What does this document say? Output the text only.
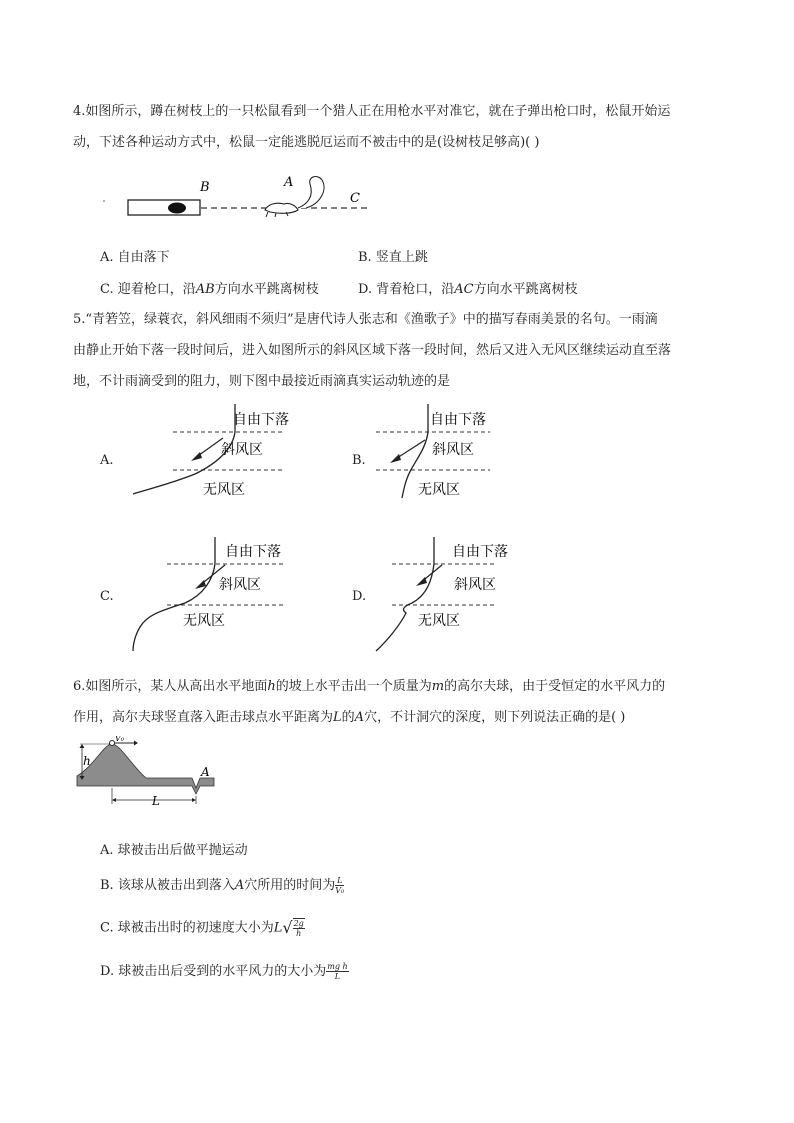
4.如图所示，蹲在树枝上的一只松鼠看到一个猎人正在用枪水平对准它，就在子弹出枪口时，松鼠开始运
动，下述各种运动方式中，松鼠一定能逃脱厄运而不被击中的是(设树枝足够高)( )
B	A
C
A. 自由落下	B. 竖直上跳
C. 迎着枪口，沿AB方向水平跳离树枝	D. 背着枪口，沿AC方向水平跳离树枝
5.“青箬笠，绿蓑衣，斜风细雨不须归”是唐代诗人张志和《渔歌子》中的描写春雨美景的名句。一雨滴
由静止开始下落一段时间后，进入如图所示的斜风区域下落一段时间，然后又进入无风区继续运动直至落
地，不计雨滴受到的阻力，则下图中最接近雨滴真实运动轨迹的是
A.
自由下落
斜风区
无风区
B.
自由下落
斜风区
无风区
C.
自由下落
斜风区
无风区
D.
自由下落
斜风区
无风区
6.如图所示，某人从高出水平地面h的坡上水平击出一个质量为m的高尔夫球，由于受恒定的水平风力的
作用，高尔夫球竖直落入距击球点水平距离为L的A穴，不计洞穴的深度，则下列说法正确的是( )
h
V₀
A
L
A. 球被击出后做平抛运动
B. 该球从被击出到落入A穴所用的时间为 $\frac{L}{\text{V₀}}$
C. 球被击出时的初速度大小为$L√ \frac{2g}{h}$
D. 球被击出后受到的水平风力的大小为 $\frac{\text{mg h}}{L}$
